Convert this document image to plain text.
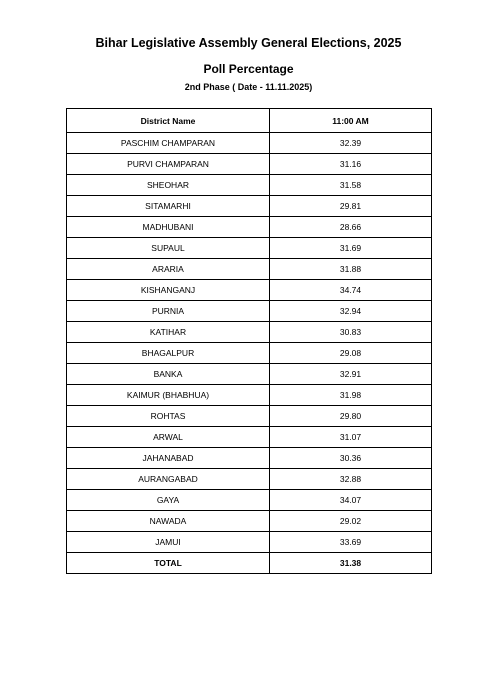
Bihar Legislative Assembly General Elections, 2025
Poll Percentage
2nd Phase ( Date - 11.11.2025)
District Name	11:00 AM
PASCHIM CHAMPARAN	32.39
PURVI CHAMPARAN	31.16
SHEOHAR	31.58
SITAMARHI	29.81
MADHUBANI	28.66
SUPAUL	31.69
ARARIA	31.88
KISHANGANJ	34.74
PURNIA	32.94
KATIHAR	30.83
BHAGALPUR	29.08
BANKA	32.91
KAIMUR (BHABHUA)	31.98
ROHTAS	29.80
ARWAL	31.07
JAHANABAD	30.36
AURANGABAD	32.88
GAYA	34.07
NAWADA	29.02
JAMUI	33.69
TOTAL	31.38
